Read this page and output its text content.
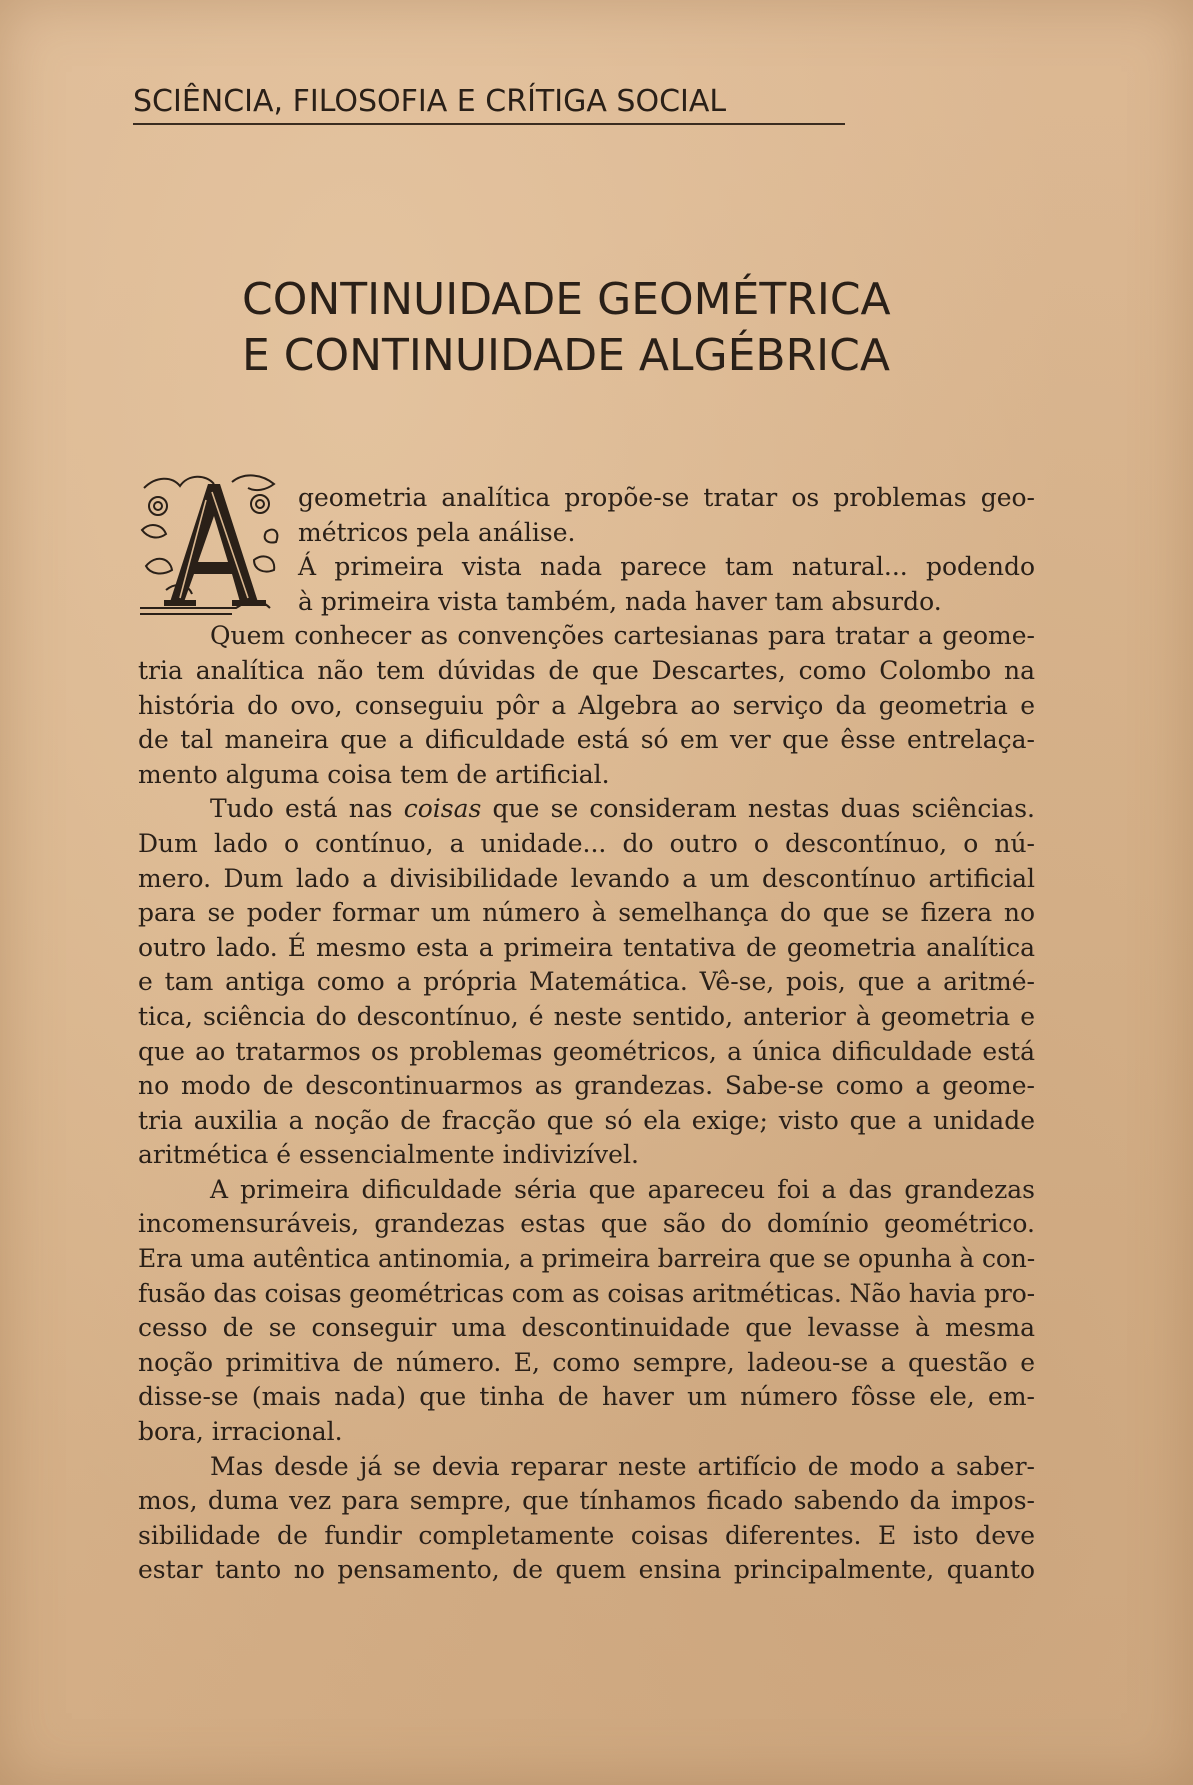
SCIÊNCIA, FILOSOFIA E CRÍTIGA SOCIAL
CONTINUIDADE GEOMÉTRICA
E CONTINUIDADE ALGÉBRICA
geometria analítica propõe-se tratar os problemas geo-
métricos pela análise.
Á primeira vista nada parece tam natural... podendo
à primeira vista também, nada haver tam absurdo.
Quem conhecer as convenções cartesianas para tratar a geome-
tria analítica não tem dúvidas de que Descartes, como Colombo na
história do ovo, conseguiu pôr a Algebra ao serviço da geometria e
de tal maneira que a dificuldade está só em ver que êsse entrelaça-
mento alguma coisa tem de artificial.
Tudo está nas coisas que se consideram nestas duas sciências.
Dum lado o contínuo, a unidade... do outro o descontínuo, o nú-
mero. Dum lado a divisibilidade levando a um descontínuo artificial
para se poder formar um número à semelhança do que se fizera no
outro lado. É mesmo esta a primeira tentativa de geometria analítica
e tam antiga como a própria Matemática. Vê-se, pois, que a aritmé-
tica, sciência do descontínuo, é neste sentido, anterior à geometria e
que ao tratarmos os problemas geométricos, a única dificuldade está
no modo de descontinuarmos as grandezas. Sabe-se como a geome-
tria auxilia a noção de fracção que só ela exige; visto que a unidade
aritmética é essencialmente indivizível.
A primeira dificuldade séria que apareceu foi a das grandezas
incomensuráveis, grandezas estas que são do domínio geométrico.
Era uma autêntica antinomia, a primeira barreira que se opunha à con-
fusão das coisas geométricas com as coisas aritméticas. Não havia pro-
cesso de se conseguir uma descontinuidade que levasse à mesma
noção primitiva de número. E, como sempre, ladeou-se a questão e
disse-se (mais nada) que tinha de haver um número fôsse ele, em-
bora, irracional.
Mas desde já se devia reparar neste artifício de modo a saber-
mos, duma vez para sempre, que tínhamos ficado sabendo da impos-
sibilidade de fundir completamente coisas diferentes. E isto deve
estar tanto no pensamento, de quem ensina principalmente, quanto
